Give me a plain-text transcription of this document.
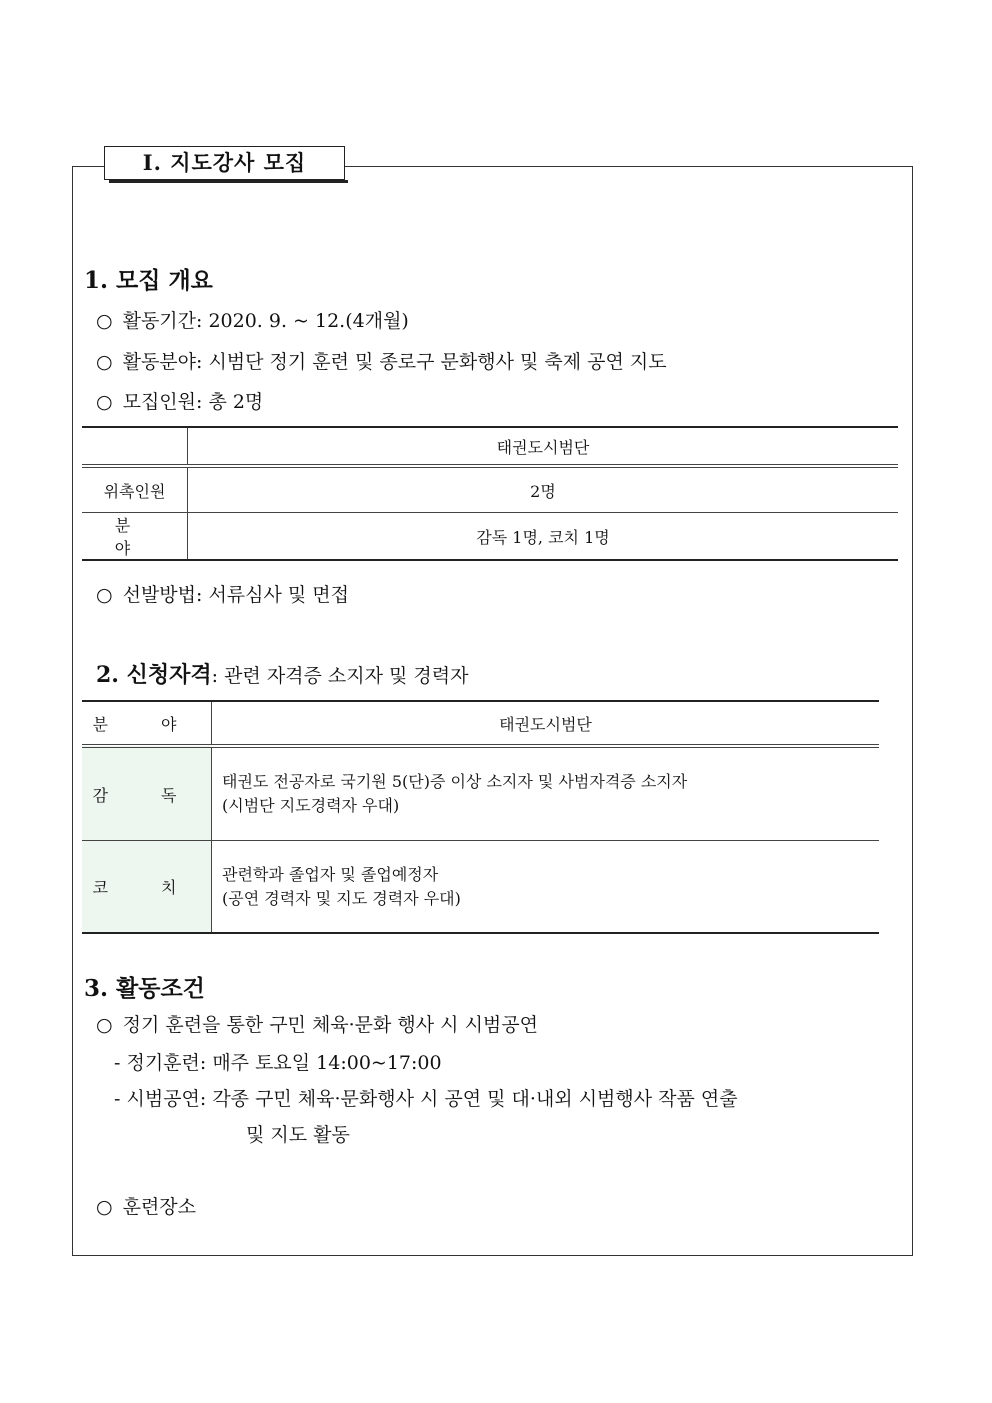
Ⅰ. 지도강사 모집
1. 모집 개요
○ 활동기간: 2020. 9. ~ 12.(4개월)
○ 활동분야: 시범단 정기 훈련 및 종로구 문화행사 및 축제 공연 지도
○ 모집인원: 총 2명
	태권도시범단
위촉인원	2명
분 야	감독 1명, 코치 1명
○ 선발방법: 서류심사 및 면접
2. 신청자격: 관련 자격증 소지자 및 경력자
분 야	태권도시범단
감 독	태권도 전공자로 국기원 5(단)증 이상 소지자 및 사범자격증 소지자
(시범단 지도경력자 우대)

코 치	관련학과 졸업자 및 졸업예정자
(공연 경력자 및 지도 경력자 우대)
3. 활동조건
○ 정기 훈련을 통한 구민 체육·문화 행사 시 시범공연
- 정기훈련: 매주 토요일 14:00~17:00
- 시범공연: 각종 구민 체육·문화행사 시 공연 및 대·내외 시범행사 작품 연출
및 지도 활동
○ 훈련장소
